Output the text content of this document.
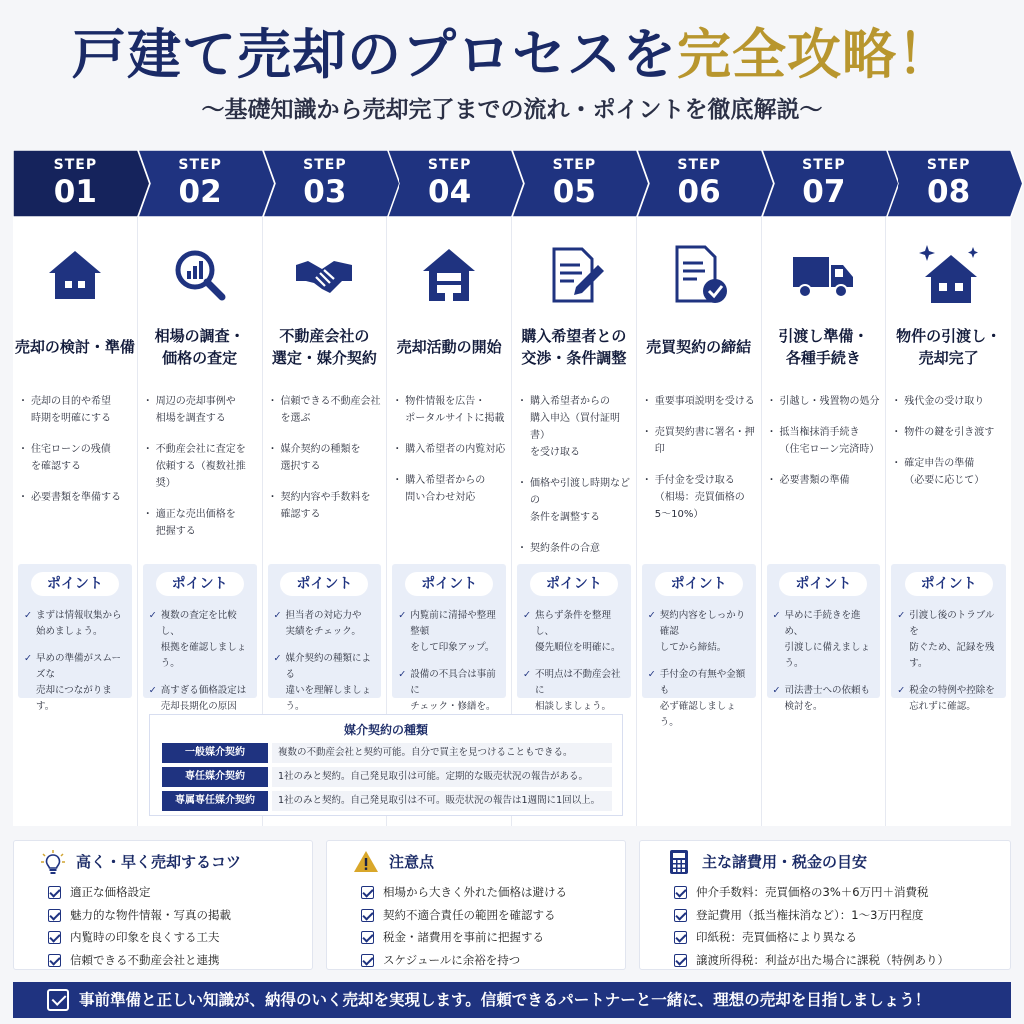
戸建て売却のプロセスを完全攻略！
〜基礎知識から売却完了までの流れ・ポイントを徹底解説〜
STEP
01
STEP
02
STEP
03
STEP
04
STEP
05
STEP
06
STEP
07
STEP
08
売却の検討・準備
・ 売却の目的や希望
時期を明確にする
・ 住宅ローンの残債
を確認する
・ 必要書類を準備する
ポイント
✓ まずは情報収集から
始めましょう。
✓ 早めの準備がスムーズな
売却につながります。
相場の調査・
価格の査定
・ 周辺の売却事例や
相場を調査する
・ 不動産会社に査定を
依頼する（複数社推奨）
・ 適正な売出価格を
把握する
ポイント
✓ 複数の査定を比較し、
根拠を確認しましょう。
✓ 高すぎる価格設定は
売却長期化の原因
不動産会社の
選定・媒介契約
・ 信頼できる不動産会社
を選ぶ
・ 媒介契約の種類を
選択する
・ 契約内容や手数料を
確認する
ポイント
✓ 担当者の対応力や
実績をチェック。
✓ 媒介契約の種類による
違いを理解しましょう。
売却活動の開始
・ 物件情報を広告・
ポータルサイトに掲載
・ 購入希望者の内覧対応
・ 購入希望者からの
問い合わせ対応
ポイント
✓ 内覧前に清掃や整理整頓
をして印象アップ。
✓ 設備の不具合は事前に
チェック・修繕を。
購入希望者との
交渉・条件調整
・ 購入希望者からの
購入申込（買付証明書）
を受け取る
・ 価格や引渡し時期などの
条件を調整する
・ 契約条件の合意
ポイント
✓ 焦らず条件を整理し、
優先順位を明確に。
✓ 不明点は不動産会社に
相談しましょう。
売買契約の締結
・ 重要事項説明を受ける
・ 売買契約書に署名・押印
・ 手付金を受け取る
（相場：売買価格の5〜10%）
ポイント
✓ 契約内容をしっかり確認
してから締結。
✓ 手付金の有無や金額も
必ず確認しましょう。
引渡し準備・
各種手続き
・ 引越し・残置物の処分
・ 抵当権抹消手続き
（住宅ローン完済時）
・ 必要書類の準備
ポイント
✓ 早めに手続きを進め、
引渡しに備えましょう。
✓ 司法書士への依頼も
検討を。
物件の引渡し・
売却完了
・ 残代金の受け取り
・ 物件の鍵を引き渡す
・ 確定申告の準備
（必要に応じて）
ポイント
✓ 引渡し後のトラブルを
防ぐため、記録を残す。
✓ 税金の特例や控除を
忘れずに確認。
媒介契約の種類
一般媒介契約	複数の不動産会社と契約可能。自分で買主を見つけることもできる。
専任媒介契約	1社のみと契約。自己発見取引は可能。定期的な販売状況の報告がある。
専属専任媒介契約	1社のみと契約。自己発見取引は不可。販売状況の報告は1週間に1回以上。
高く・早く売却するコツ
適正な価格設定
魅力的な物件情報・写真の掲載
内覧時の印象を良くする工夫
信頼できる不動産会社と連携
注意点
相場から大きく外れた価格は避ける
契約不適合責任の範囲を確認する
税金・諸費用を事前に把握する
スケジュールに余裕を持つ
主な諸費用・税金の目安
仲介手数料：売買価格の3%＋6万円＋消費税
登記費用（抵当権抹消など）：1〜3万円程度
印紙税：売買価格により異なる
譲渡所得税：利益が出た場合に課税（特例あり）
事前準備と正しい知識が、納得のいく売却を実現します。信頼できるパートナーと一緒に、理想の売却を目指しましょう！
